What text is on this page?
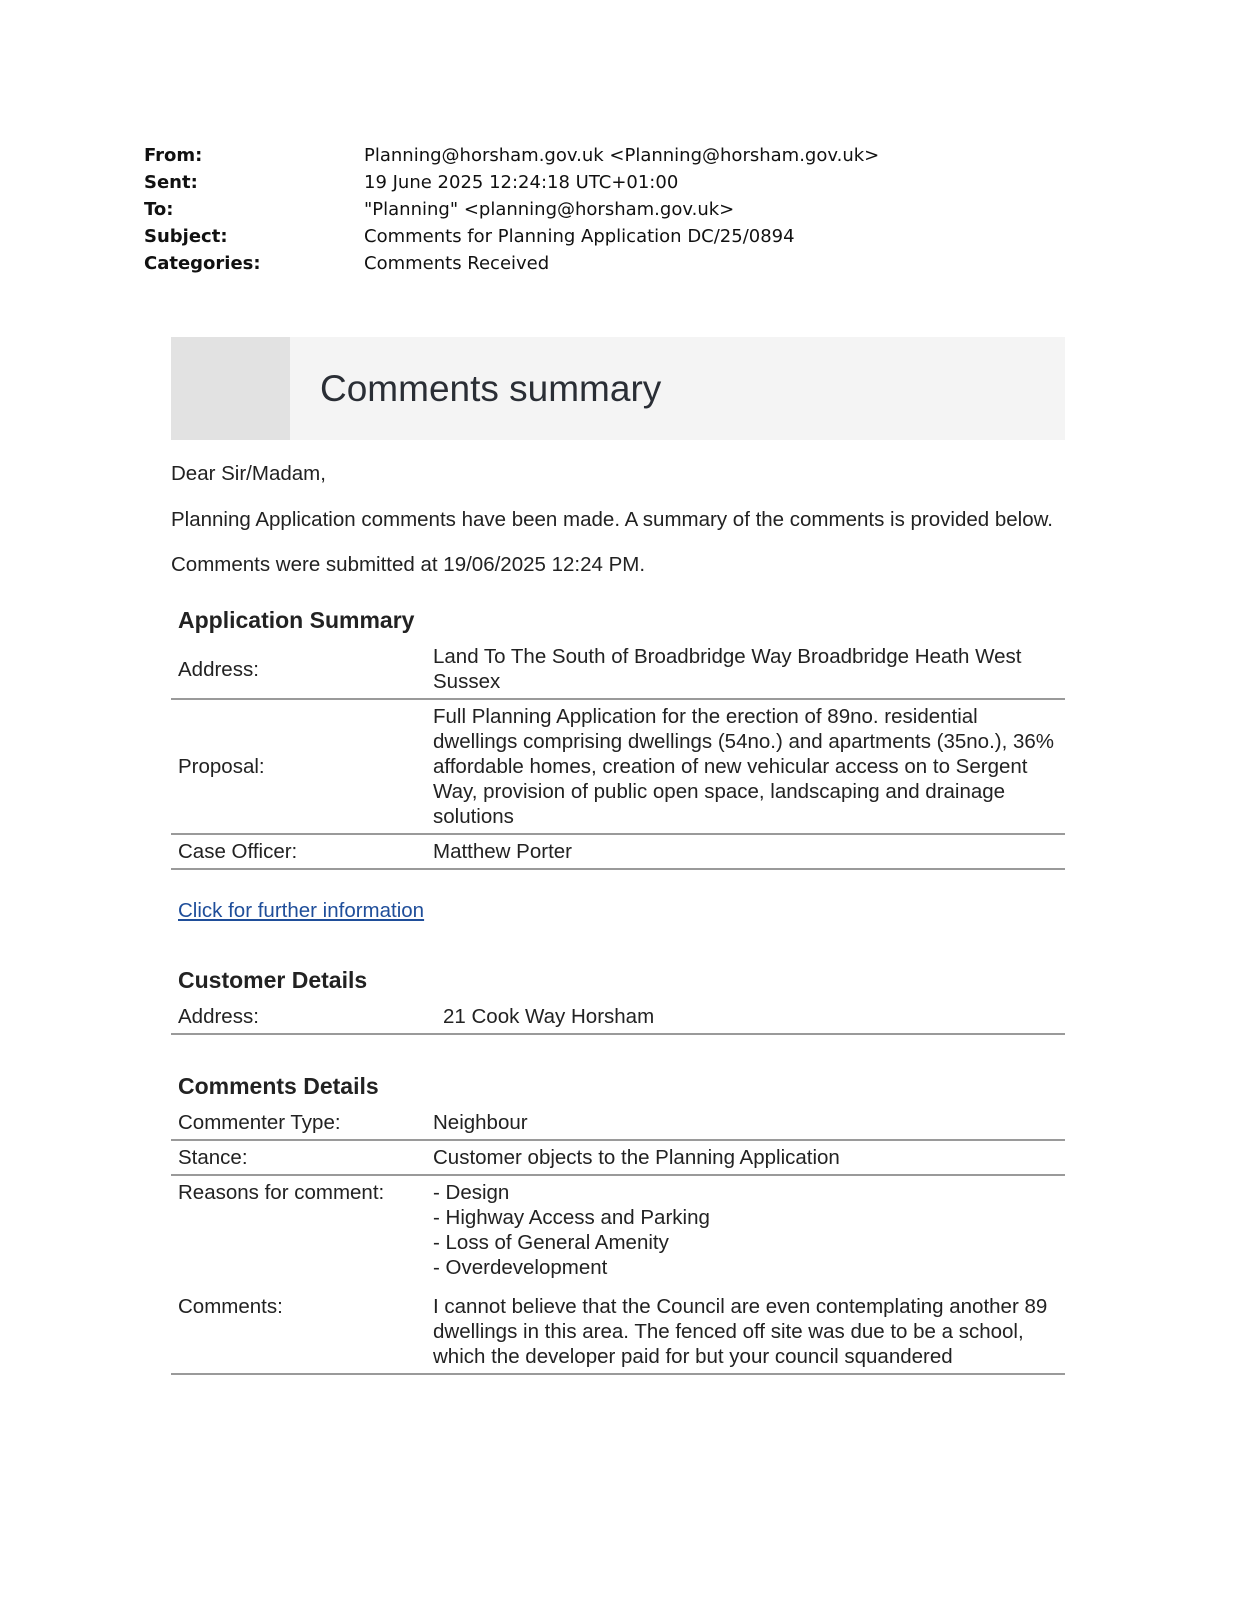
From:	Planning@horsham.gov.uk <Planning@horsham.gov.uk>
Sent:	19 June 2025 12:24:18 UTC+01:00
To:	"Planning" <planning@horsham.gov.uk>
Subject:	Comments for Planning Application DC/25/0894
Categories:	Comments Received
Comments summary

Dear Sir/Madam,

Planning Application comments have been made. A summary of the comments is provided below.

Comments were submitted at 19/06/2025 12:24 PM.

Application Summary
Address:	Land To The South of Broadbridge Way Broadbridge Heath West Sussex
Proposal:	Full Planning Application for the erection of 89no. residential dwellings comprising dwellings (54no.) and apartments (35no.), 36% affordable homes, creation of new vehicular access on to Sergent Way, provision of public open space, landscaping and drainage solutions
Case Officer:	Matthew Porter
Click for further information
Customer Details
Address:	21 Cook Way Horsham
Comments Details
Commenter Type:	Neighbour
Stance:	Customer objects to the Planning Application
Reasons for comment:	- Design
- Highway Access and Parking
- Loss of General Amenity
- Overdevelopment

Comments:	I cannot believe that the Council are even contemplating another 89 dwellings in this area. The fenced off site was due to be a school, which the developer paid for but your council squandered
